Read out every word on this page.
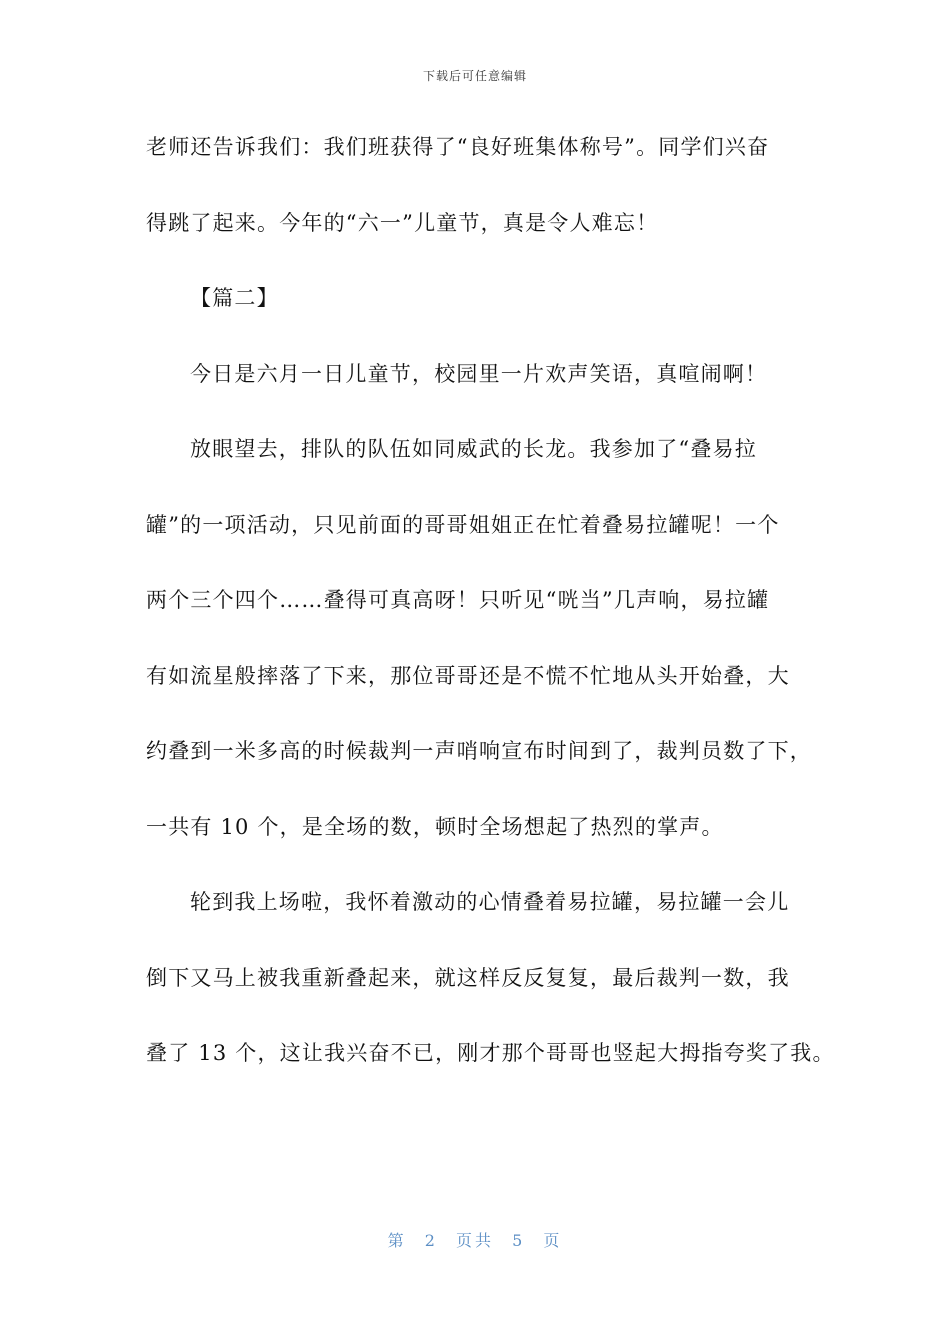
下载后可任意编辑
老师还告诉我们：我们班获得了“良好班集体称号”。同学们兴奋
得跳了起来。今年的“六一”儿童节，真是令人难忘！
【篇二】
今日是六月一日儿童节，校园里一片欢声笑语，真喧闹啊！
放眼望去，排队的队伍如同威武的长龙。我参加了“叠易拉
罐”的一项活动，只见前面的哥哥姐姐正在忙着叠易拉罐呢！一个
两个三个四个……叠得可真高呀！只听见“咣当”几声响，易拉罐
有如流星般摔落了下来，那位哥哥还是不慌不忙地从头开始叠，大
约叠到一米多高的时候裁判一声哨响宣布时间到了，裁判员数了下，
一共有 10 个，是全场的数，顿时全场想起了热烈的掌声。
轮到我上场啦，我怀着激动的心情叠着易拉罐，易拉罐一会儿
倒下又马上被我重新叠起来，就这样反反复复，最后裁判一数，我
叠了 13 个，这让我兴奋不已，刚才那个哥哥也竖起大拇指夸奖了我。
第 2 页共 5 页
